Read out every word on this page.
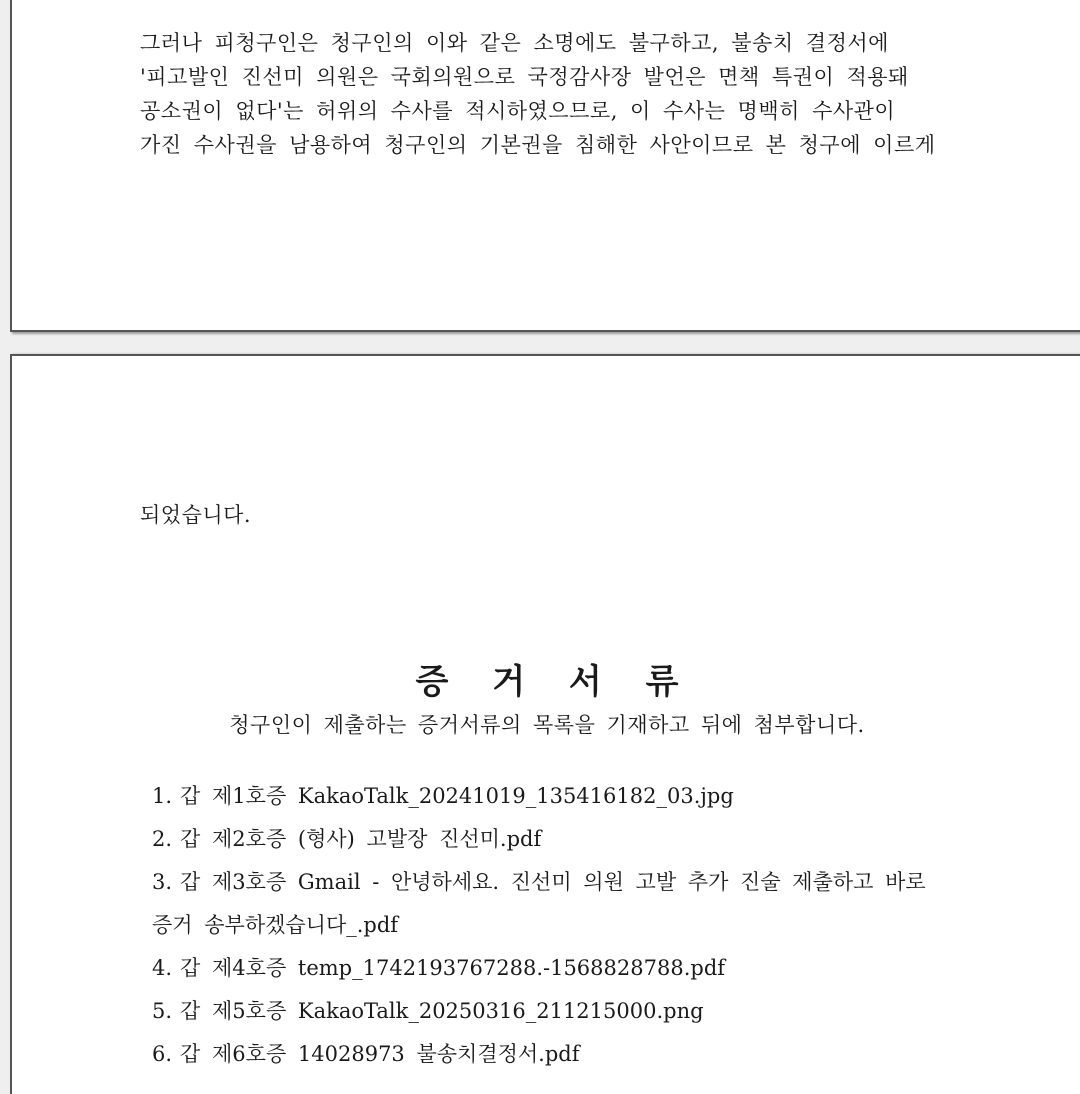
그러나 피청구인은 청구인의 이와 같은 소명에도 불구하고, 불송치 결정서에
'피고발인 진선미 의원은 국회의원으로 국정감사장 발언은 면책 특권이 적용돼
공소권이 없다'는 허위의 수사를 적시하였으므로, 이 수사는 명백히 수사관이
가진 수사권을 남용하여 청구인의 기본권을 침해한 사안이므로 본 청구에 이르게
되었습니다.
증 거 서 류
청구인이 제출하는 증거서류의 목록을 기재하고 뒤에 첨부합니다.
1. 갑 제1호증 KakaoTalk_20241019_135416182_03.jpg
2. 갑 제2호증 (형사) 고발장 진선미.pdf
3. 갑 제3호증 Gmail - 안녕하세요. 진선미 의원 고발 추가 진술 제출하고 바로
증거 송부하겠습니다_.pdf
4. 갑 제4호증 temp_1742193767288.-1568828788.pdf
5. 갑 제5호증 KakaoTalk_20250316_211215000.png
6. 갑 제6호증 14028973 불송치결정서.pdf
